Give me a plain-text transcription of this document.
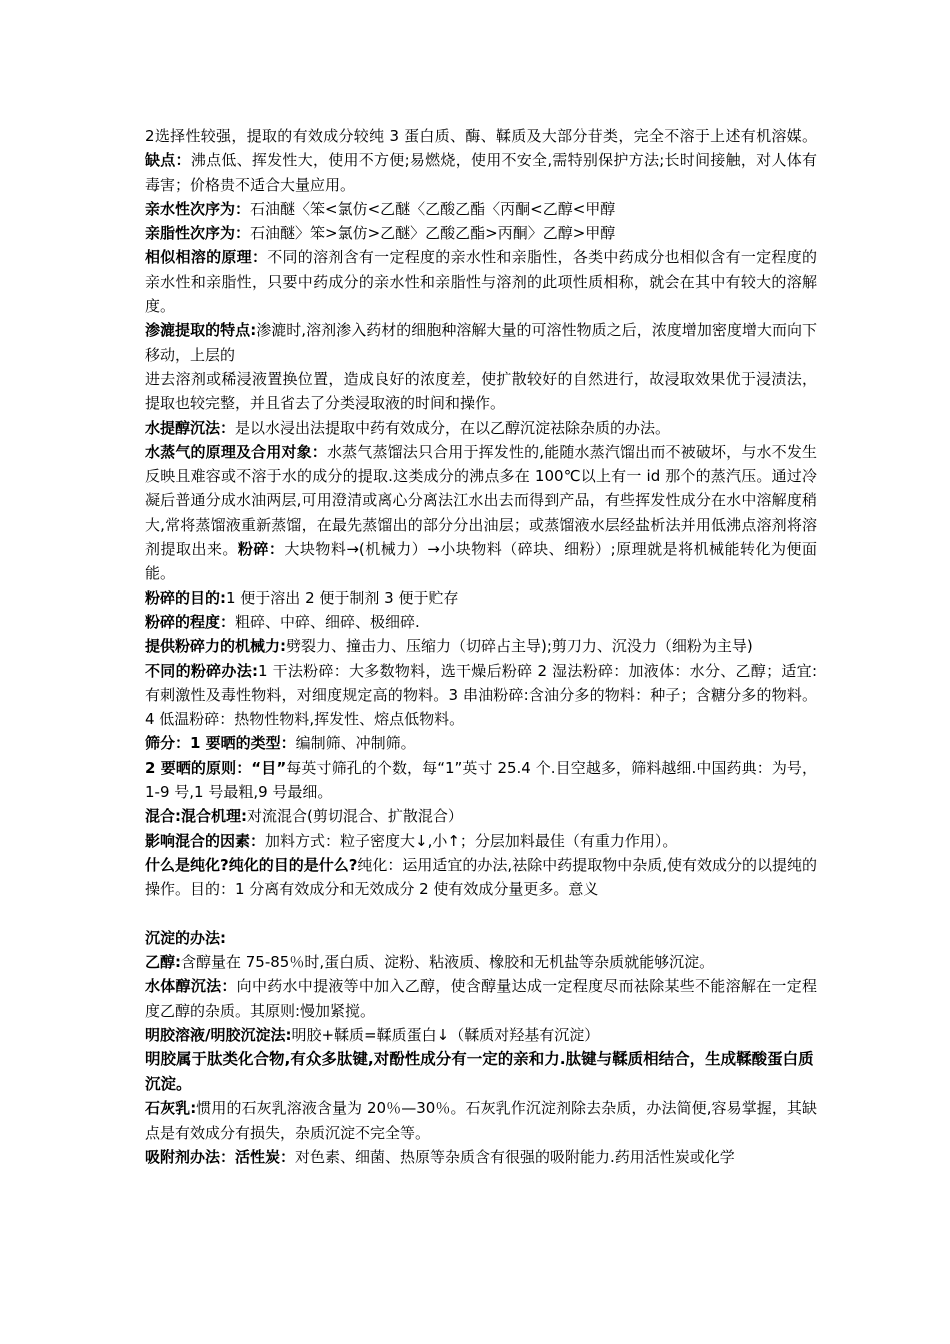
2选择性较强，提取的有效成分较纯 3 蛋白质、酶、鞣质及大部分苷类，完全不溶于上述有机溶媒。缺点：沸点低、挥发性大，使用不方便;易燃烧，使用不安全,需特别保护方法;长时间接触，对人体有毒害；价格贵不适合大量应用。

亲水性次序为：石油醚〈笨<氯仿<乙醚〈乙酸乙酯〈丙酮<乙醇<甲醇

亲脂性次序为：石油醚〉笨>氯仿>乙醚〉乙酸乙酯>丙酮〉乙醇>甲醇

相似相溶的原理：不同的溶剂含有一定程度的亲水性和亲脂性，各类中药成分也相似含有一定程度的亲水性和亲脂性，只要中药成分的亲水性和亲脂性与溶剂的此项性质相称，就会在其中有较大的溶解度。

渗漉提取的特点:渗漉时,溶剂渗入药材的细胞种溶解大量的可溶性物质之后，浓度增加密度增大而向下移动，上层的

进去溶剂或稀浸液置换位置，造成良好的浓度差，使扩散较好的自然进行，故浸取效果优于浸渍法，提取也较完整，并且省去了分类浸取液的时间和操作。

水提醇沉法：是以水浸出法提取中药有效成分，在以乙醇沉淀祛除杂质的办法。

水蒸气的原理及合用对象：水蒸气蒸馏法只合用于挥发性的,能随水蒸汽馏出而不被破坏，与水不发生反映且难容或不溶于水的成分的提取.这类成分的沸点多在 100℃以上有一 id 那个的蒸汽压。通过冷凝后普通分成水油两层,可用澄清或离心分离法江水出去而得到产品，有些挥发性成分在水中溶解度稍大,常将蒸馏液重新蒸馏，在最先蒸馏出的部分分出油层；或蒸馏液水层经盐析法并用低沸点溶剂将溶剂提取出来。粉碎：大块物料→(机械力）→小块物料（碎块、细粉）;原理就是将机械能转化为便面能。

粉碎的目的:1 便于溶出 2 便于制剂 3 便于贮存

粉碎的程度：粗碎、中碎、细碎、极细碎.

提供粉碎力的机械力:劈裂力、撞击力、压缩力（切碎占主导);剪刀力、沉没力（细粉为主导)

不同的粉碎办法:1 干法粉碎：大多数物料，选干燥后粉碎 2 湿法粉碎：加液体：水分、乙醇；适宜:有刺激性及毒性物料，对细度规定高的物料。3 串油粉碎:含油分多的物料：种子；含糖分多的物料。4 低温粉碎：热物性物料,挥发性、熔点低物料。

筛分：1 要晒的类型：编制筛、冲制筛。

2 要晒的原则：“目”每英寸筛孔的个数，每“1”英寸 25.4 个.目空越多，筛料越细.中国药典：为号，1-9 号,1 号最粗,9 号最细。

混合:混合机理:对流混合(剪切混合、扩散混合）

影响混合的因素：加料方式：粒子密度大↓,小↑；分层加料最佳（有重力作用）。

什么是纯化?纯化的目的是什么?纯化：运用适宜的办法,祛除中药提取物中杂质,使有效成分的以提纯的操作。目的：1 分离有效成分和无效成分 2 使有效成分量更多。意义

沉淀的办法:

乙醇:含醇量在 75-85％时,蛋白质、淀粉、粘液质、橡胶和无机盐等杂质就能够沉淀。

水体醇沉法：向中药水中提液等中加入乙醇，使含醇量达成一定程度尽而祛除某些不能溶解在一定程度乙醇的杂质。其原则:慢加紧搅。

明胶溶液/明胶沉淀法:明胶+鞣质=鞣质蛋白↓（鞣质对羟基有沉淀）

明胶属于肽类化合物,有众多肽键,对酚性成分有一定的亲和力.肽键与鞣质相结合，生成鞣酸蛋白质沉淀。

石灰乳:惯用的石灰乳溶液含量为 20％—30％。石灰乳作沉淀剂除去杂质，办法简便,容易掌握，其缺点是有效成分有损失，杂质沉淀不完全等。

吸附剂办法：活性炭：对色素、细菌、热原等杂质含有很强的吸附能力.药用活性炭或化学
